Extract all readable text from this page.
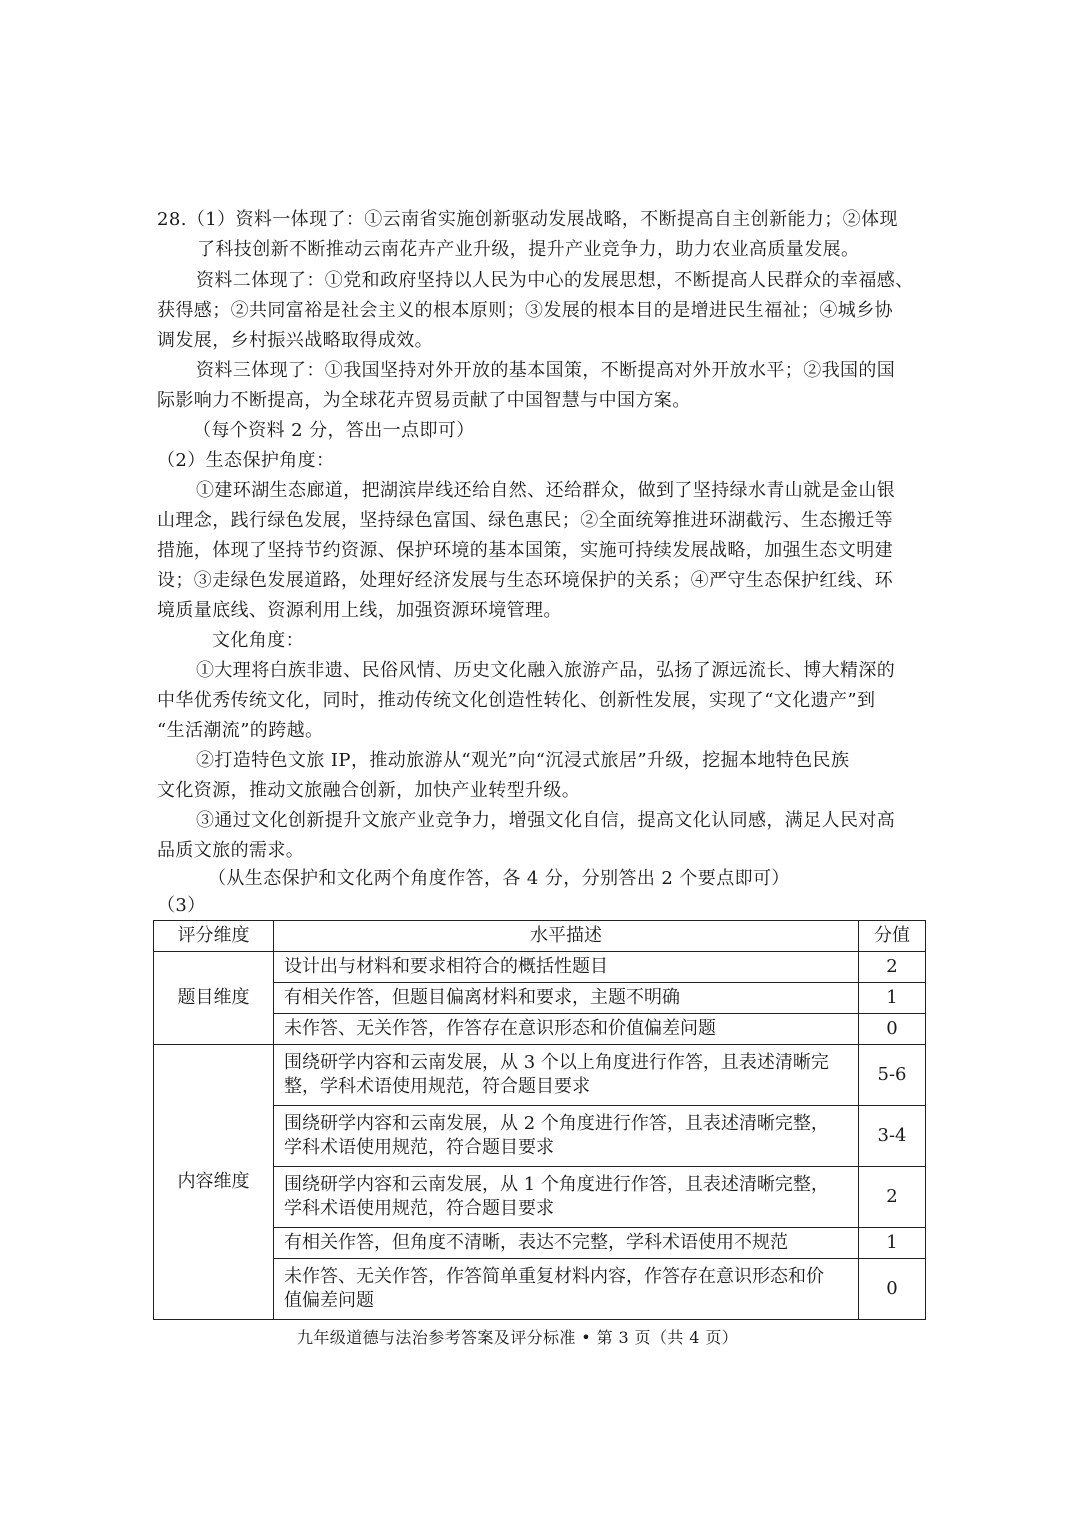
28.（1）资料一体现了：①云南省实施创新驱动发展战略，不断提高自主创新能力；②体现
了科技创新不断推动云南花卉产业升级，提升产业竞争力，助力农业高质量发展。
资料二体现了：①党和政府坚持以人民为中心的发展思想，不断提高人民群众的幸福感、
获得感；②共同富裕是社会主义的根本原则；③发展的根本目的是增进民生福祉；④城乡协
调发展，乡村振兴战略取得成效。
资料三体现了：①我国坚持对外开放的基本国策，不断提高对外开放水平；②我国的国
际影响力不断提高，为全球花卉贸易贡献了中国智慧与中国方案。
（每个资料 2 分，答出一点即可）
（2）生态保护角度：
①建环湖生态廊道，把湖滨岸线还给自然、还给群众，做到了坚持绿水青山就是金山银
山理念，践行绿色发展，坚持绿色富国、绿色惠民；②全面统筹推进环湖截污、生态搬迁等
措施，体现了坚持节约资源、保护环境的基本国策，实施可持续发展战略，加强生态文明建
设；③走绿色发展道路，处理好经济发展与生态环境保护的关系；④严守生态保护红线、环
境质量底线、资源利用上线，加强资源环境管理。
文化角度：
①大理将白族非遗、民俗风情、历史文化融入旅游产品，弘扬了源远流长、博大精深的
中华优秀传统文化，同时，推动传统文化创造性转化、创新性发展，实现了“文化遗产”到
“生活潮流”的跨越。
②打造特色文旅 IP，推动旅游从“观光”向“沉浸式旅居”升级，挖掘本地特色民族
文化资源，推动文旅融合创新，加快产业转型升级。
③通过文化创新提升文旅产业竞争力，增强文化自信，提高文化认同感，满足人民对高
品质文旅的需求。
（从生态保护和文化两个角度作答，各 4 分，分别答出 2 个要点即可）
（3）
评分维度	水平描述	分值
题目维度	设计出与材料和要求相符合的概括性题目	2
	有相关作答，但题目偏离材料和要求，主题不明确	1
	未作答、无关作答，作答存在意识形态和价值偏差问题	0
内容维度	围绕研学内容和云南发展，从 3 个以上角度进行作答，且表述清晰完
整，学科术语使用规范，符合题目要求	5-6

	围绕研学内容和云南发展，从 2 个角度进行作答，且表述清晰完整，
学科术语使用规范，符合题目要求	3-4

	围绕研学内容和云南发展，从 1 个角度进行作答，且表述清晰完整，
学科术语使用规范，符合题目要求	2
	有相关作答，但角度不清晰，表达不完整，学科术语使用不规范	1

	未作答、无关作答，作答简单重复材料内容，作答存在意识形态和价
值偏差问题	0
九年级道德与法治参考答案及评分标准 • 第 3 页（共 4 页）
